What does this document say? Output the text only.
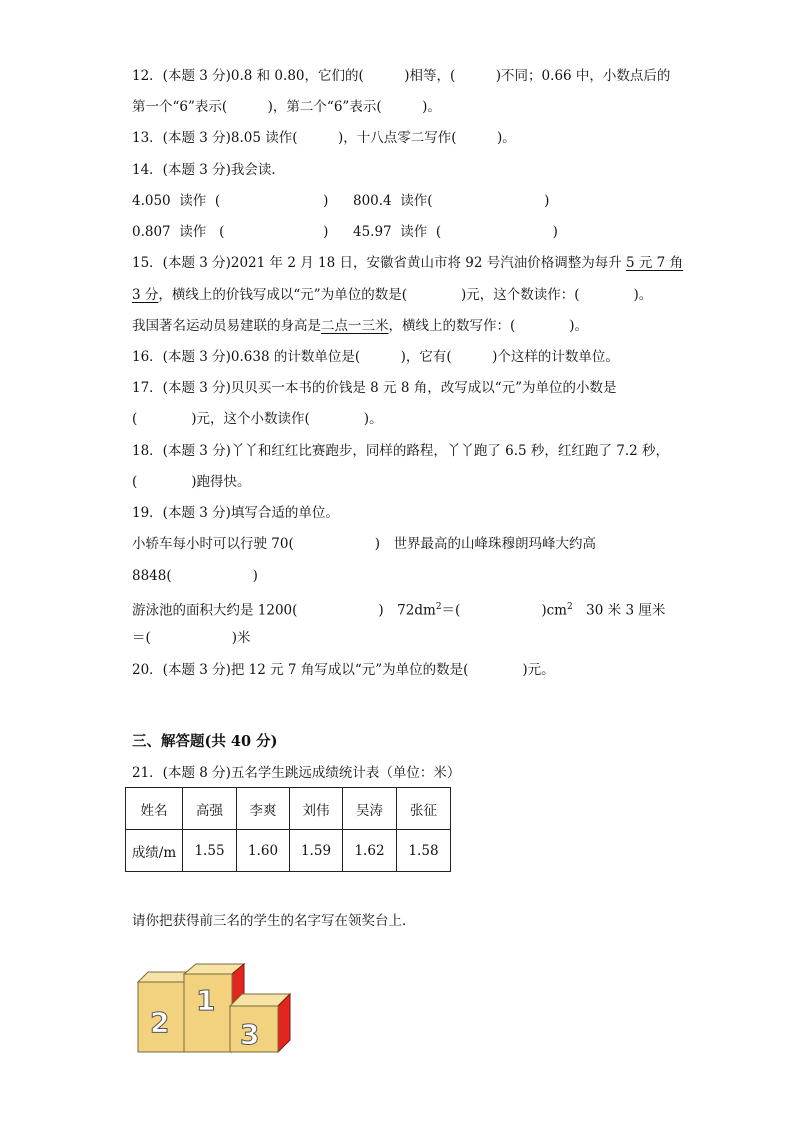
12．(本题 3 分)0.8 和 0.80，它们的(　　　)相等，(　　　)不同；0.66 中，小数点后的
第一个“6”表示(　　　)，第二个“6”表示(　　　)。
13．(本题 3 分)8.05 读作(　　　)，十八点零二写作(　　　)。
14．(本题 3 分)我会读．
4.050  读作  (                        ) 800.4  读作(                          )
0.807  读作   (                       ) 45.97  读作  (                          )
15．(本题 3 分)2021 年 2 月 18 日，安徽省黄山市将 92 号汽油价格调整为每升 5 元 7 角
3 分，横线上的价钱写成以“元”为单位的数是(　　　　)元，这个数读作：(　　　　)。
我国著名运动员易建联的身高是二点一三米，横线上的数写作：(　　　　)。
16．(本题 3 分)0.638 的计数单位是(　　　)，它有(　　　)个这样的计数单位。
17．(本题 3 分)贝贝买一本书的价钱是 8 元 8 角，改写成以“元”为单位的小数是
(　　　　)元，这个小数读作(　　　　)。
18．(本题 3 分)丫丫和红红比赛跑步，同样的路程，丫丫跑了 6.5 秒，红红跑了 7.2 秒，
(　　　　)跑得快。
19．(本题 3 分)填写合适的单位。
小轿车每小时可以行驶 70(　　　　　　)　世界最高的山峰珠穆朗玛峰大约高
8848(　　　　　　)
游泳池的面积大约是 1200(　　　　　　)　$72dm^2=$(　　　　　　)$cm^2$　30 米 3 厘米
＝(　　　　　　)米
20．(本题 3 分)把 12 元 7 角写成以“元”为单位的数是(　　　　)元。
三、解答题(共 40 分)
21．(本题 8 分)五名学生跳远成绩统计表（单位：米）
姓名	高强	李爽	刘伟	吴涛	张征
成绩/m	1.55	1.60	1.59	1.62	1.58
请你把获得前三名的学生的名字写在领奖台上．
2
1
3
